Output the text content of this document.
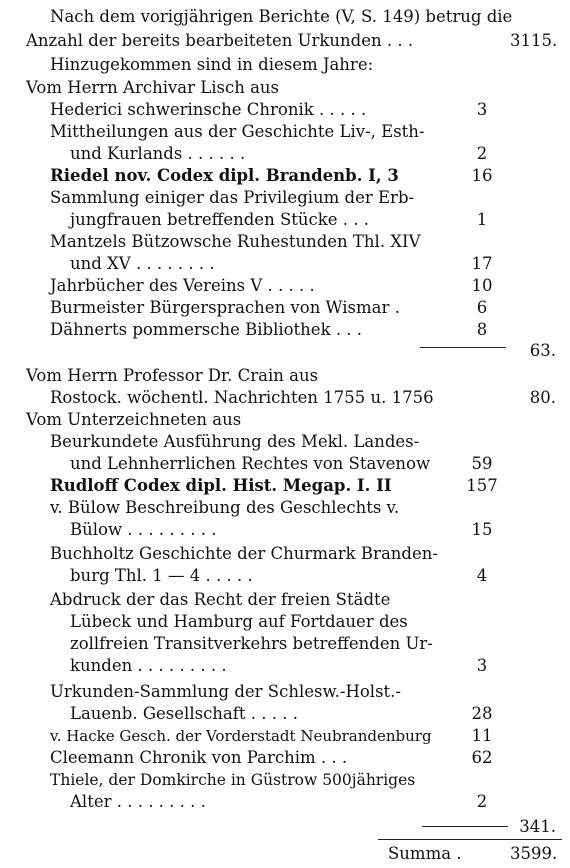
Nach dem vorigjährigen Berichte (V, S. 149) betrug die
Anzahl der bereits bearbeiteten Urkunden . . .	3115.
Hinzugekommen sind in diesem Jahre:
Vom Herrn Archivar Lisch aus
Hederici schwerinsche Chronik . . . . .	3
Mittheilungen aus der Geschichte Liv-, Esth-
und Kurlands . . . . . .	2
Riedel nov. Codex dipl. Brandenb. I, 3	16
Sammlung einiger das Privilegium der Erb-
jungfrauen betreffenden Stücke . . .	1
Mantzels Bützowsche Ruhestunden Thl. XIV
und XV . . . . . . . .	17
Jahrbücher des Vereins V . . . . .	10
Burmeister Bürgersprachen von Wismar .	6
Dähnerts pommersche Bibliothek . . .	8
63.
Vom Herrn Professor Dr. Crain aus
Rostock. wöchentl. Nachrichten 1755 u. 1756	80.
Vom Unterzeichneten aus
Beurkundete Ausführung des Mekl. Landes-
und Lehnherrlichen Rechtes von Stavenow	59
Rudloff Codex dipl. Hist. Megap. I. II	157
v. Bülow Beschreibung des Geschlechts v.
Bülow . . . . . . . . .	15
Buchholtz Geschichte der Churmark Branden-
burg Thl. 1 — 4 . . . . .	4
Abdruck der das Recht der freien Städte
Lübeck und Hamburg auf Fortdauer des
zollfreien Transitverkehrs betreffenden Ur-
kunden . . . . . . . . .	3
Urkunden-Sammlung der Schlesw.-Holst.-
Lauenb. Gesellschaft . . . . .	28
v. Hacke Gesch. der Vorderstadt Neubrandenburg	11
Cleemann Chronik von Parchim . . .	62
Thiele, der Domkirche in Güstrow 500jähriges
Alter . . . . . . . . .	2
341.
Summa .	3599.
